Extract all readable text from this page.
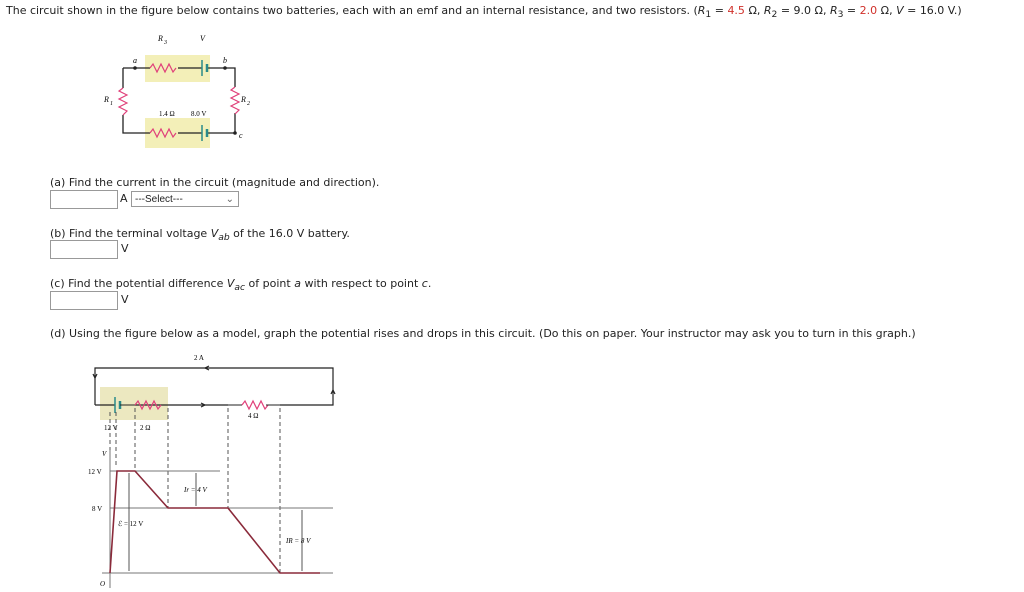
The circuit shown in the figure below contains two batteries, each with an emf and an internal resistance, and two resistors. ($R_1 = 4.5$ Ω, $R_2 = 9.0$ Ω, $R_3 = 2.0$ Ω, V = 16.0 V.)
R 3	V
a	b
c
R 1	R 2
1.4 Ω 8.0 V
(a) Find the current in the circuit (magnitude and direction).
A ---Select---	⌄
(b) Find the terminal voltage $V_{ab}$ of the 16.0 V battery.
V
(c) Find the potential difference $V_{ac}$ of point a with respect to point c.
V
(d) Using the figure below as a model, graph the potential rises and drops in this circuit. (Do this on paper. Your instructor may ask you to turn in this graph.)
2 A
4 Ω
12 V	2 Ω
V
12 V
8 V
O
Ir = 4 V
ℰ = 12 V
IR = 8 V
